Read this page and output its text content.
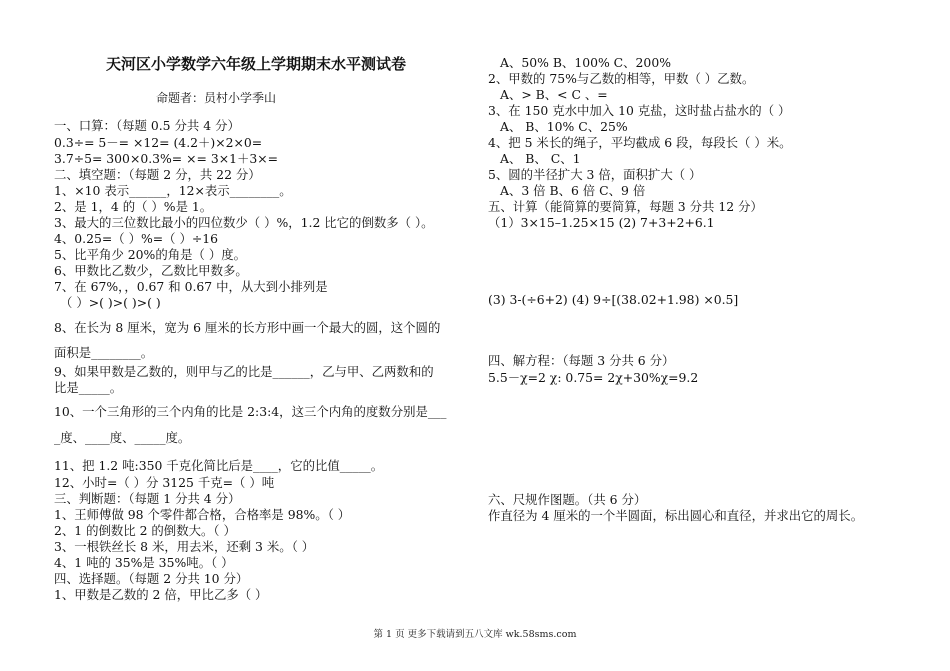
天河区小学数学六年级上学期期末水平测试卷
命题者：员村小学季山
一、口算：（每题 0.5 分共 4 分）
0.3÷= 5－= ×12= (4.2＋)×2×0=
3.7÷5= 300×0.3%= ×= 3×1＋3×=
二、填空题：（每题 2 分，共 22 分）
1、×10 表示______，12×表示________。
2、是 1，4 的（ ）%是 1。
3、最大的三位数比最小的四位数少（ ）%，1.2 比它的倒数多（ ）。
4、0.25=（ ）%=（ ）÷16
5、比平角少 20%的角是（ ）度。
6、甲数比乙数少，乙数比甲数多。
7、在 67%，，0.67 和 0.67 中，从大到小排列是
（ ）>( )>( )>( )
8、在长为 8 厘米，宽为 6 厘米的长方形中画一个最大的圆，这个圆的
面积是________。
9、如果甲数是乙数的，则甲与乙的比是______，乙与甲、乙两数和的
比是_____。
10、一个三角形的三个内角的比是 2:3:4，这三个内角的度数分别是___
_度、____度、_____度。
11、把 1.2 吨:350 千克化简比后是____，它的比值_____。
12、小时=（ ）分 3125 千克=（ ）吨
三、判断题：（每题 1 分共 4 分）
1、王师傅做 98 个零件都合格，合格率是 98%。（ ）
2、1 的倒数比 2 的倒数大。（ ）
3、一根铁丝长 8 米，用去米，还剩 3 米。（ ）
4、1 吨的 35%是 35%吨。（ ）
四、选择题。（每题 2 分共 10 分）
1、甲数是乙数的 2 倍，甲比乙多（ ）
A、50% B、100% C、200%
2、甲数的 75%与乙数的相等，甲数（ ）乙数。
A、> B、< C 、=
3、在 150 克水中加入 10 克盐，这时盐占盐水的（ ）
A、 B、10% C、25%
4、把 5 米长的绳子，平均截成 6 段，每段长（ ）米。
A、 B、 C、1
5、圆的半径扩大 3 倍，面积扩大（ ）
A、3 倍 B、6 倍 C、9 倍
五、计算（能简算的要简算，每题 3 分共 12 分）
（1）3×15–1.25×15 (2) 7+3+2+6.1
(3) 3-(÷6+2) (4) 9÷[(38.02+1.98) ×0.5]
四、解方程：（每题 3 分共 6 分）
5.5－χ=2 χ: 0.75= 2χ+30%χ=9.2
六、尺规作图题。（共 6 分）
作直径为 4 厘米的一个半圆面，标出圆心和直径，并求出它的周长。
第 1 页 更多下载请到五八文库 wk.58sms.com
